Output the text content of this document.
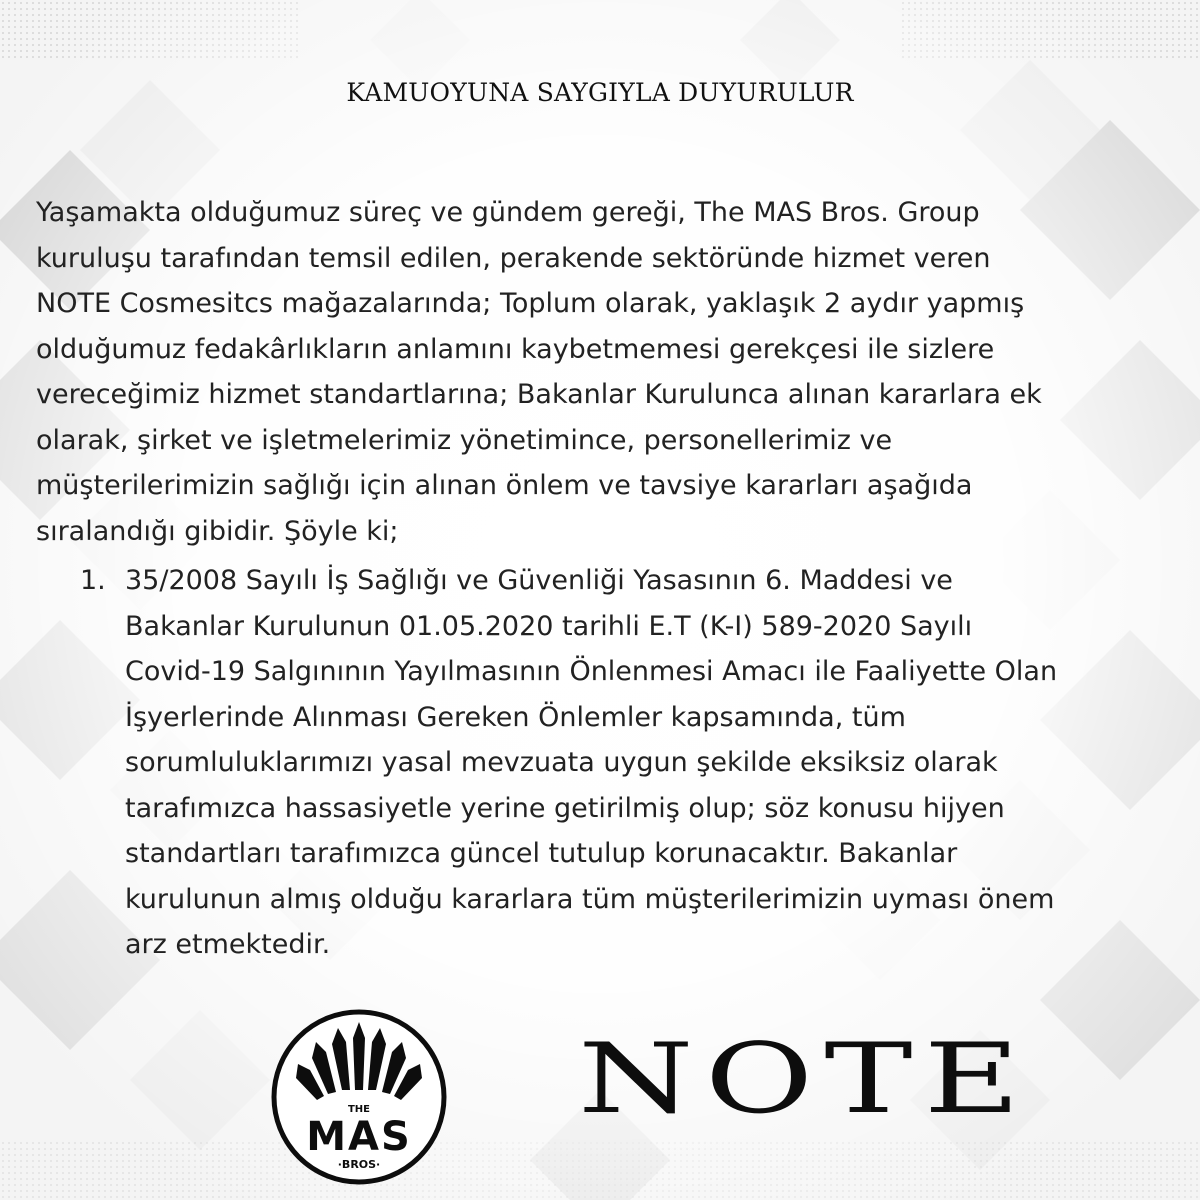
KAMUOYUNA SAYGIYLA DUYURULUR

Yaşamakta olduğumuz süreç ve gündem gereği, The MAS Bros. Group
kuruluşu tarafından temsil edilen, perakende sektöründe hizmet veren
NOTE Cosmesitcs mağazalarında; Toplum olarak, yaklaşık 2 aydır yapmış
olduğumuz fedakârlıkların anlamını kaybetmemesi gerekçesi ile sizlere
vereceğimiz hizmet standartlarına; Bakanlar Kurulunca alınan kararlara ek
olarak, şirket ve işletmelerimiz yönetimince, personellerimiz ve
müşterilerimizin sağlığı için alınan önlem ve tavsiye kararları aşağıda
sıralandığı gibidir. Şöyle ki;

1. 35/2008 Sayılı İş Sağlığı ve Güvenliği Yasasının 6. Maddesi ve
Bakanlar Kurulunun 01.05.2020 tarihli E.T (K-I) 589-2020 Sayılı
Covid-19 Salgınının Yayılmasının Önlenmesi Amacı ile Faaliyette Olan
İşyerlerinde Alınması Gereken Önlemler kapsamında, tüm
sorumluluklarımızı yasal mevzuata uygun şekilde eksiksiz olarak
tarafımızca hassasiyetle yerine getirilmiş olup; söz konusu hijyen
standartları tarafımızca güncel tutulup korunacaktır. Bakanlar
kurulunun almış olduğu kararlara tüm müşterilerimizin uyması önem
arz etmektedir.

THE
MAS
·BROS·
NOTE
